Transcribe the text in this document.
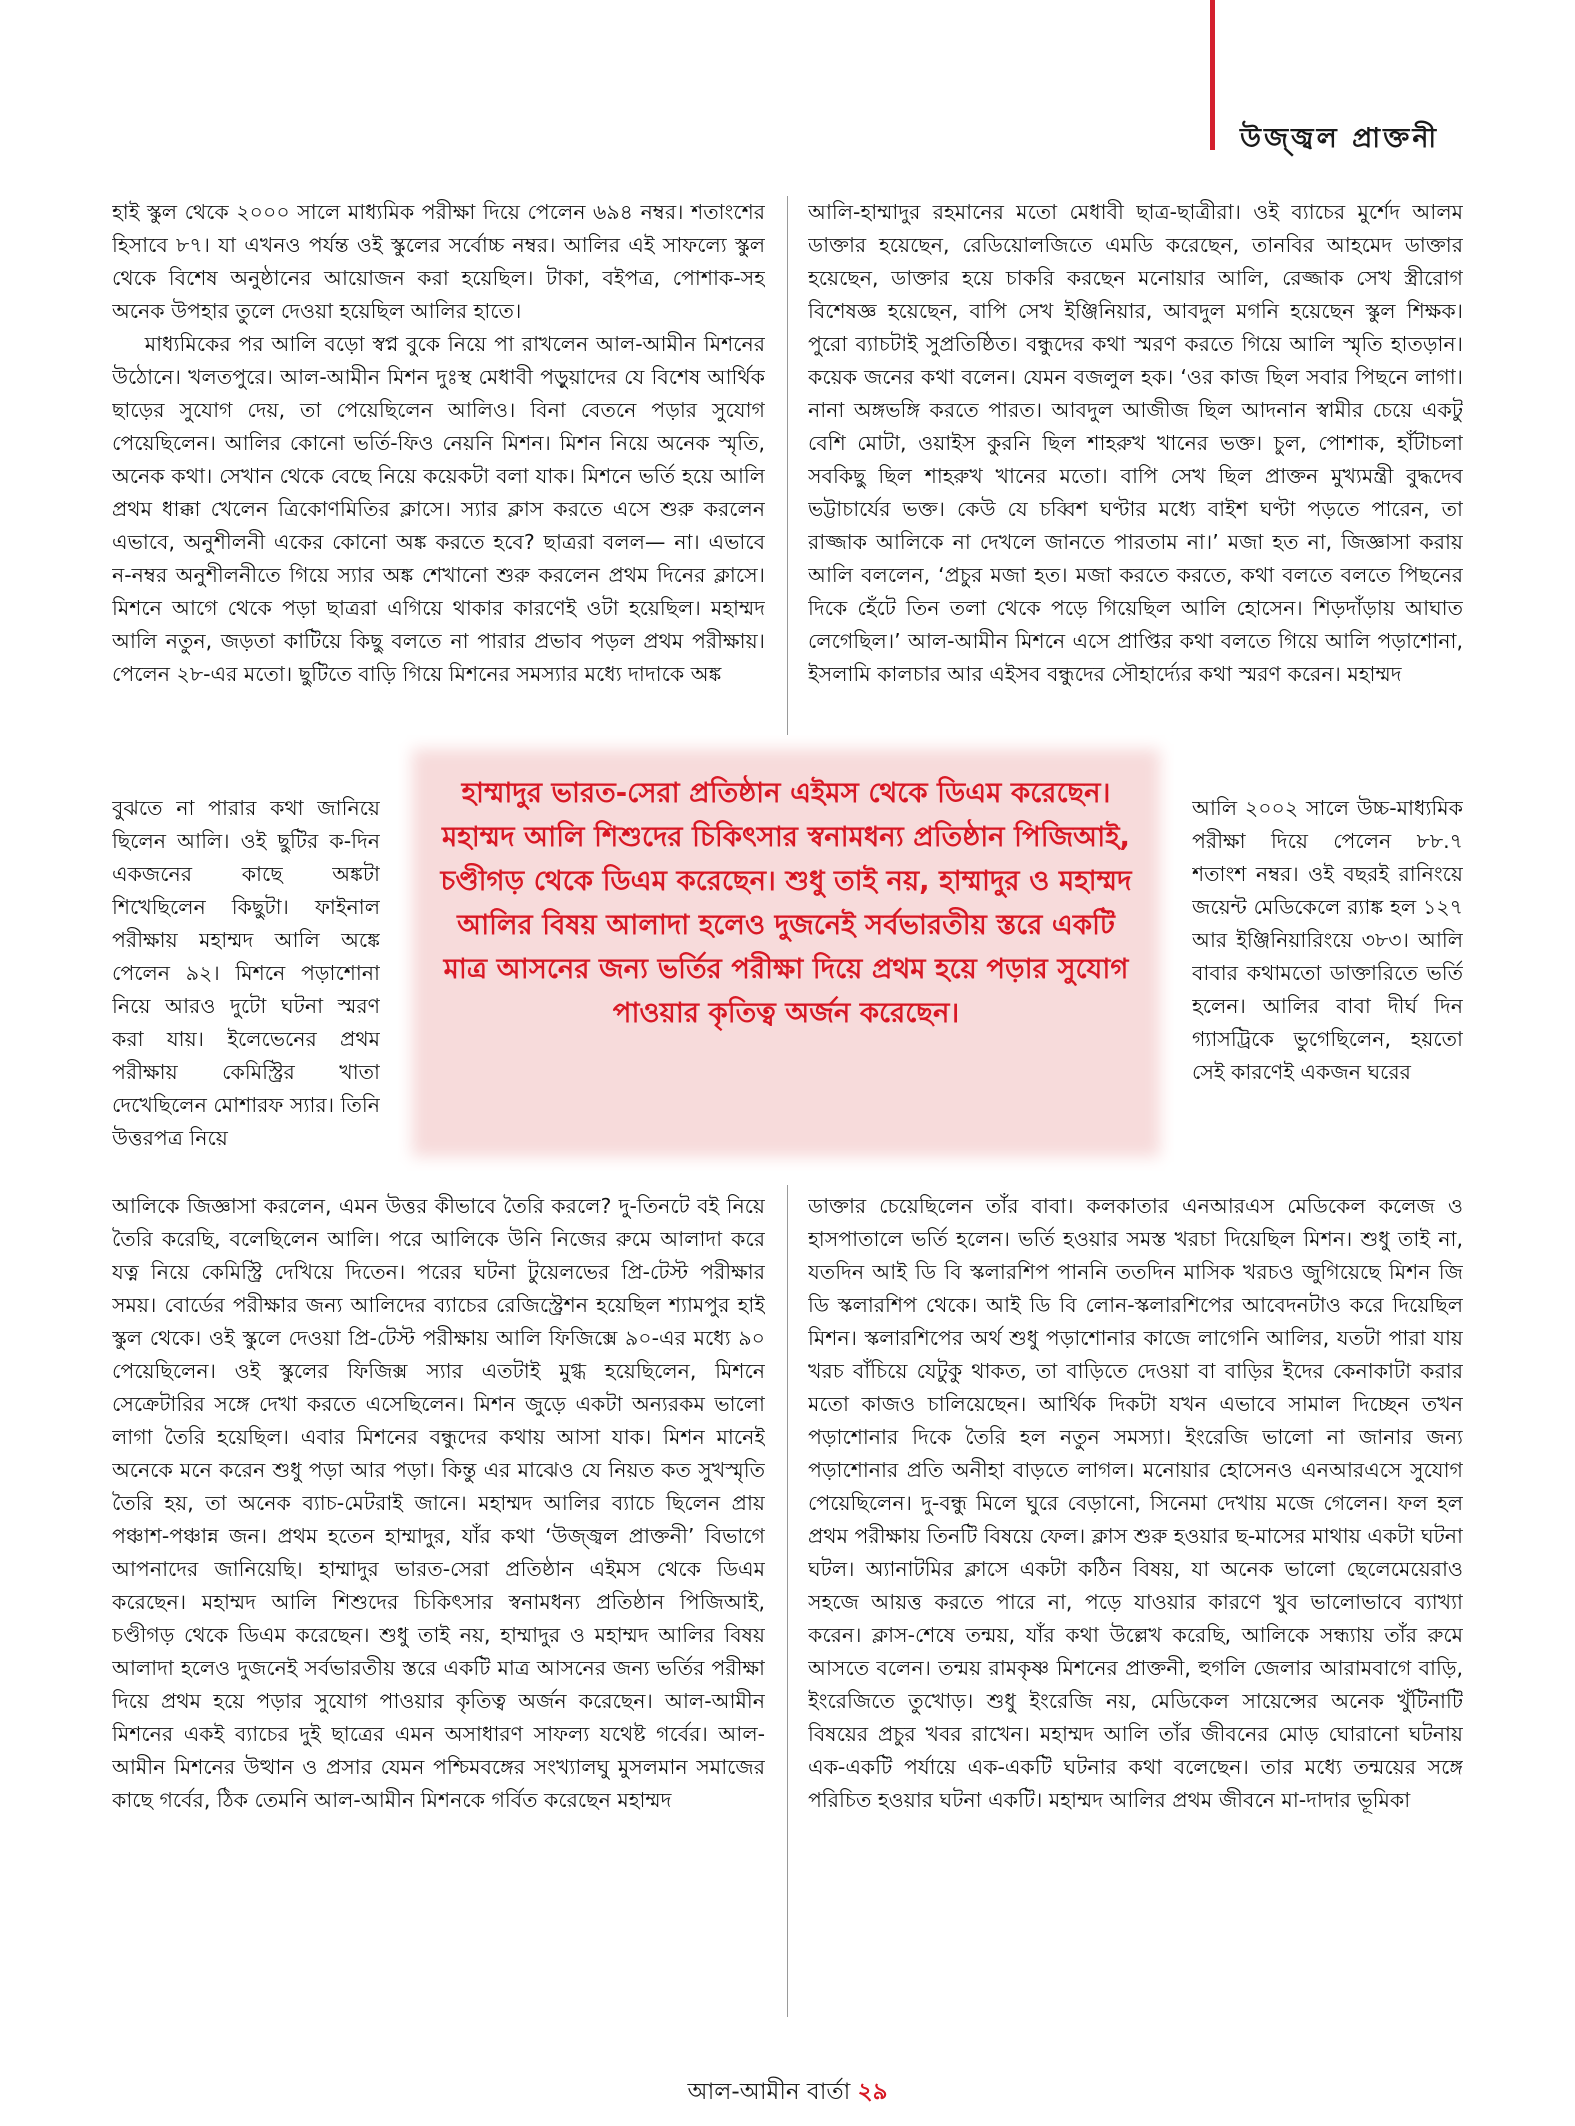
উজ্জ্বল প্রাক্তনী

হাই স্কুল থেকে ২০০০ সালে মাধ্যমিক পরীক্ষা দিয়ে পেলেন ৬৯৪ নম্বর। শতাংশের হিসাবে ৮৭। যা এখনও পর্যন্ত ওই স্কুলের সর্বোচ্চ নম্বর। আলির এই সাফল্যে স্কুল থেকে বিশেষ অনুষ্ঠানের আয়োজন করা হয়েছিল। টাকা, বইপত্র, পোশাক-সহ অনেক উপহার তুলে দেওয়া হয়েছিল আলির হাতে।

মাধ্যমিকের পর আলি বড়ো স্বপ্ন বুকে নিয়ে পা রাখলেন আল-আমীন মিশনের উঠোনে। খলতপুরে। আল-আমীন মিশন দুঃস্থ মেধাবী পড়ুয়াদের যে বিশেষ আর্থিক ছাড়ের সুযোগ দেয়, তা পেয়েছিলেন আলিও। বিনা বেতনে পড়ার সুযোগ পেয়েছিলেন। আলির কোনো ভর্তি-ফিও নেয়নি মিশন। মিশন নিয়ে অনেক স্মৃতি, অনেক কথা। সেখান থেকে বেছে নিয়ে কয়েকটা বলা যাক। মিশনে ভর্তি হয়ে আলি প্রথম ধাক্কা খেলেন ত্রিকোণমিতির ক্লাসে। স্যার ক্লাস করতে এসে শুরু করলেন এভাবে, অনুশীলনী একের কোনো অঙ্ক করতে হবে? ছাত্ররা বলল— না। এভাবে ন-নম্বর অনুশীলনীতে গিয়ে স্যার অঙ্ক শেখানো শুরু করলেন প্রথম দিনের ক্লাসে। মিশনে আগে থেকে পড়া ছাত্ররা এগিয়ে থাকার কারণেই ওটা হয়েছিল। মহাম্মদ আলি নতুন, জড়তা কাটিয়ে কিছু বলতে না পারার প্রভাব পড়ল প্রথম পরীক্ষায়। পেলেন ২৮-এর মতো। ছুটিতে বাড়ি গিয়ে মিশনের সমস্যার মধ্যে দাদাকে অঙ্ক

বুঝতে না পারার কথা জানিয়ে ছিলেন আলি। ওই ছুটির ক-দিন একজনের কাছে অঙ্কটা শিখেছিলেন কিছুটা। ফাইনাল পরীক্ষায় মহাম্মদ আলি অঙ্কে পেলেন ৯২। মিশনে পড়াশোনা নিয়ে আরও দুটো ঘটনা স্মরণ করা যায়। ইলেভেনের প্রথম পরীক্ষায় কেমিস্ট্রির খাতা দেখেছিলেন মোশারফ স্যার। তিনি উত্তরপত্র নিয়ে

আলিকে জিজ্ঞাসা করলেন, এমন উত্তর কীভাবে তৈরি করলে? দু-তিনটে বই নিয়ে তৈরি করেছি, বলেছিলেন আলি। পরে আলিকে উনি নিজের রুমে আলাদা করে যত্ন নিয়ে কেমিস্ট্রি দেখিয়ে দিতেন। পরের ঘটনা টুয়েলভের প্রি-টেস্ট পরীক্ষার সময়। বোর্ডের পরীক্ষার জন্য আলিদের ব্যাচের রেজিস্ট্রেশন হয়েছিল শ্যামপুর হাই স্কুল থেকে। ওই স্কুলে দেওয়া প্রি-টেস্ট পরীক্ষায় আলি ফিজিক্সে ৯০-এর মধ্যে ৯০ পেয়েছিলেন। ওই স্কুলের ফিজিক্স স্যার এতটাই মুগ্ধ হয়েছিলেন, মিশনে সেক্রেটারির সঙ্গে দেখা করতে এসেছিলেন। মিশন জুড়ে একটা অন্যরকম ভালো লাগা তৈরি হয়েছিল। এবার মিশনের বন্ধুদের কথায় আসা যাক। মিশন মানেই অনেকে মনে করেন শুধু পড়া আর পড়া। কিন্তু এর মাঝেও যে নিয়ত কত সুখস্মৃতি তৈরি হয়, তা অনেক ব্যাচ-মেটরাই জানে। মহাম্মদ আলির ব্যাচে ছিলেন প্রায় পঞ্চাশ-পঞ্চান্ন জন। প্রথম হতেন হাম্মাদুর, যাঁর কথা ‘উজ্জ্বল প্রাক্তনী’ বিভাগে আপনাদের জানিয়েছি। হাম্মাদুর ভারত-সেরা প্রতিষ্ঠান এইমস থেকে ডিএম করেছেন। মহাম্মদ আলি শিশুদের চিকিৎসার স্বনামধন্য প্রতিষ্ঠান পিজিআই, চণ্ডীগড় থেকে ডিএম করেছেন। শুধু তাই নয়, হাম্মাদুর ও মহাম্মদ আলির বিষয় আলাদা হলেও দুজনেই সর্বভারতীয় স্তরে একটি মাত্র আসনের জন্য ভর্তির পরীক্ষা দিয়ে প্রথম হয়ে পড়ার সুযোগ পাওয়ার কৃতিত্ব অর্জন করেছেন। আল-আমীন মিশনের একই ব্যাচের দুই ছাত্রের এমন অসাধারণ সাফল্য যথেষ্ট গর্বের। আল-আমীন মিশনের উত্থান ও প্রসার যেমন পশ্চিমবঙ্গের সংখ্যালঘু মুসলমান সমাজের কাছে গর্বের, ঠিক তেমনি আল-আমীন মিশনকে গর্বিত করেছেন মহাম্মদ

আলি-হাম্মাদুর রহমানের মতো মেধাবী ছাত্র-ছাত্রীরা। ওই ব্যাচের মুর্শেদ আলম ডাক্তার হয়েছেন, রেডিয়োলজিতে এমডি করেছেন, তানবির আহমেদ ডাক্তার হয়েছেন, ডাক্তার হয়ে চাকরি করছেন মনোয়ার আলি, রেজ্জাক সেখ স্ত্রীরোগ বিশেষজ্ঞ হয়েছেন, বাপি সেখ ইঞ্জিনিয়ার, আবদুল মগনি হয়েছেন স্কুল শিক্ষক। পুরো ব্যাচটাই সুপ্রতিষ্ঠিত। বন্ধুদের কথা স্মরণ করতে গিয়ে আলি স্মৃতি হাতড়ান। কয়েক জনের কথা বলেন। যেমন বজলুল হক। ‘ওর কাজ ছিল সবার পিছনে লাগা। নানা অঙ্গভঙ্গি করতে পারত। আবদুল আজীজ ছিল আদনান স্বামীর চেয়ে একটু বেশি মোটা, ওয়াইস কুরনি ছিল শাহরুখ খানের ভক্ত। চুল, পোশাক, হাঁটাচলা সবকিছু ছিল শাহরুখ খানের মতো। বাপি সেখ ছিল প্রাক্তন মুখ্যমন্ত্রী বুদ্ধদেব ভট্টাচার্যের ভক্ত। কেউ যে চব্বিশ ঘণ্টার মধ্যে বাইশ ঘণ্টা পড়তে পারেন, তা রাজ্জাক আলিকে না দেখলে জানতে পারতাম না।’ মজা হত না, জিজ্ঞাসা করায় আলি বললেন, ‘প্রচুর মজা হত। মজা করতে করতে, কথা বলতে বলতে পিছনের দিকে হেঁটে তিন তলা থেকে পড়ে গিয়েছিল আলি হোসেন। শিড়দাঁড়ায় আঘাত লেগেছিল।’ আল-আমীন মিশনে এসে প্রাপ্তির কথা বলতে গিয়ে আলি পড়াশোনা, ইসলামি কালচার আর এইসব বন্ধুদের সৌহার্দ্যের কথা স্মরণ করেন। মহাম্মদ

আলি ২০০২ সালে উচ্চ-মাধ্যমিক পরীক্ষা দিয়ে পেলেন ৮৮.৭ শতাংশ নম্বর। ওই বছরই রানিংয়ে জয়েন্ট মেডিকেলে র‍্যাঙ্ক হল ১২৭ আর ইঞ্জিনিয়ারিংয়ে ৩৮৩। আলি বাবার কথামতো ডাক্তারিতে ভর্তি হলেন। আলির বাবা দীর্ঘ দিন গ্যাসট্রিকে ভুগেছিলেন, হয়তো সেই কারণেই একজন ঘরের

ডাক্তার চেয়েছিলেন তাঁর বাবা। কলকাতার এনআরএস মেডিকেল কলেজ ও হাসপাতালে ভর্তি হলেন। ভর্তি হওয়ার সমস্ত খরচা দিয়েছিল মিশন। শুধু তাই না, যতদিন আই ডি বি স্কলারশিপ পাননি ততদিন মাসিক খরচও জুগিয়েছে মিশন জি ডি স্কলারশিপ থেকে। আই ডি বি লোন-স্কলারশিপের আবেদনটাও করে দিয়েছিল মিশন। স্কলারশিপের অর্থ শুধু পড়াশোনার কাজে লাগেনি আলির, যতটা পারা যায় খরচ বাঁচিয়ে যেটুকু থাকত, তা বাড়িতে দেওয়া বা বাড়ির ইদের কেনাকাটা করার মতো কাজও চালিয়েছেন। আর্থিক দিকটা যখন এভাবে সামাল দিচ্ছেন তখন পড়াশোনার দিকে তৈরি হল নতুন সমস্যা। ইংরেজি ভালো না জানার জন্য পড়াশোনার প্রতি অনীহা বাড়তে লাগল। মনোয়ার হোসেনও এনআরএসে সুযোগ পেয়েছিলেন। দু-বন্ধু মিলে ঘুরে বেড়ানো, সিনেমা দেখায় মজে গেলেন। ফল হল প্রথম পরীক্ষায় তিনটি বিষয়ে ফেল। ক্লাস শুরু হওয়ার ছ-মাসের মাথায় একটা ঘটনা ঘটল। অ্যানাটমির ক্লাসে একটা কঠিন বিষয়, যা অনেক ভালো ছেলেমেয়েরাও সহজে আয়ত্ত করতে পারে না, পড়ে যাওয়ার কারণে খুব ভালোভাবে ব্যাখ্যা করেন। ক্লাস-শেষে তন্ময়, যাঁর কথা উল্লেখ করেছি, আলিকে সন্ধ্যায় তাঁর রুমে আসতে বলেন। তন্ময় রামকৃষ্ণ মিশনের প্রাক্তনী, হুগলি জেলার আরামবাগে বাড়ি, ইংরেজিতে তুখোড়। শুধু ইংরেজি নয়, মেডিকেল সায়েন্সের অনেক খুঁটিনাটি বিষয়ের প্রচুর খবর রাখেন। মহাম্মদ আলি তাঁর জীবনের মোড় ঘোরানো ঘটনায় এক-একটি পর্যায়ে এক-একটি ঘটনার কথা বলেছেন। তার মধ্যে তন্ময়ের সঙ্গে পরিচিত হওয়ার ঘটনা একটি। মহাম্মদ আলির প্রথম জীবনে মা-দাদার ভূমিকা

হাম্মাদুর ভারত-সেরা প্রতিষ্ঠান এইমস থেকে ডিএম করেছেন। মহাম্মদ আলি শিশুদের চিকিৎসার স্বনামধন্য প্রতিষ্ঠান পিজিআই, চণ্ডীগড় থেকে ডিএম করেছেন। শুধু তাই নয়, হাম্মাদুর ও মহাম্মদ আলির বিষয় আলাদা হলেও দুজনেই সর্বভারতীয় স্তরে একটি মাত্র আসনের জন্য ভর্তির পরীক্ষা দিয়ে প্রথম হয়ে পড়ার সুযোগ পাওয়ার কৃতিত্ব অর্জন করেছেন।
আল-আমীন বার্তা ২৯
